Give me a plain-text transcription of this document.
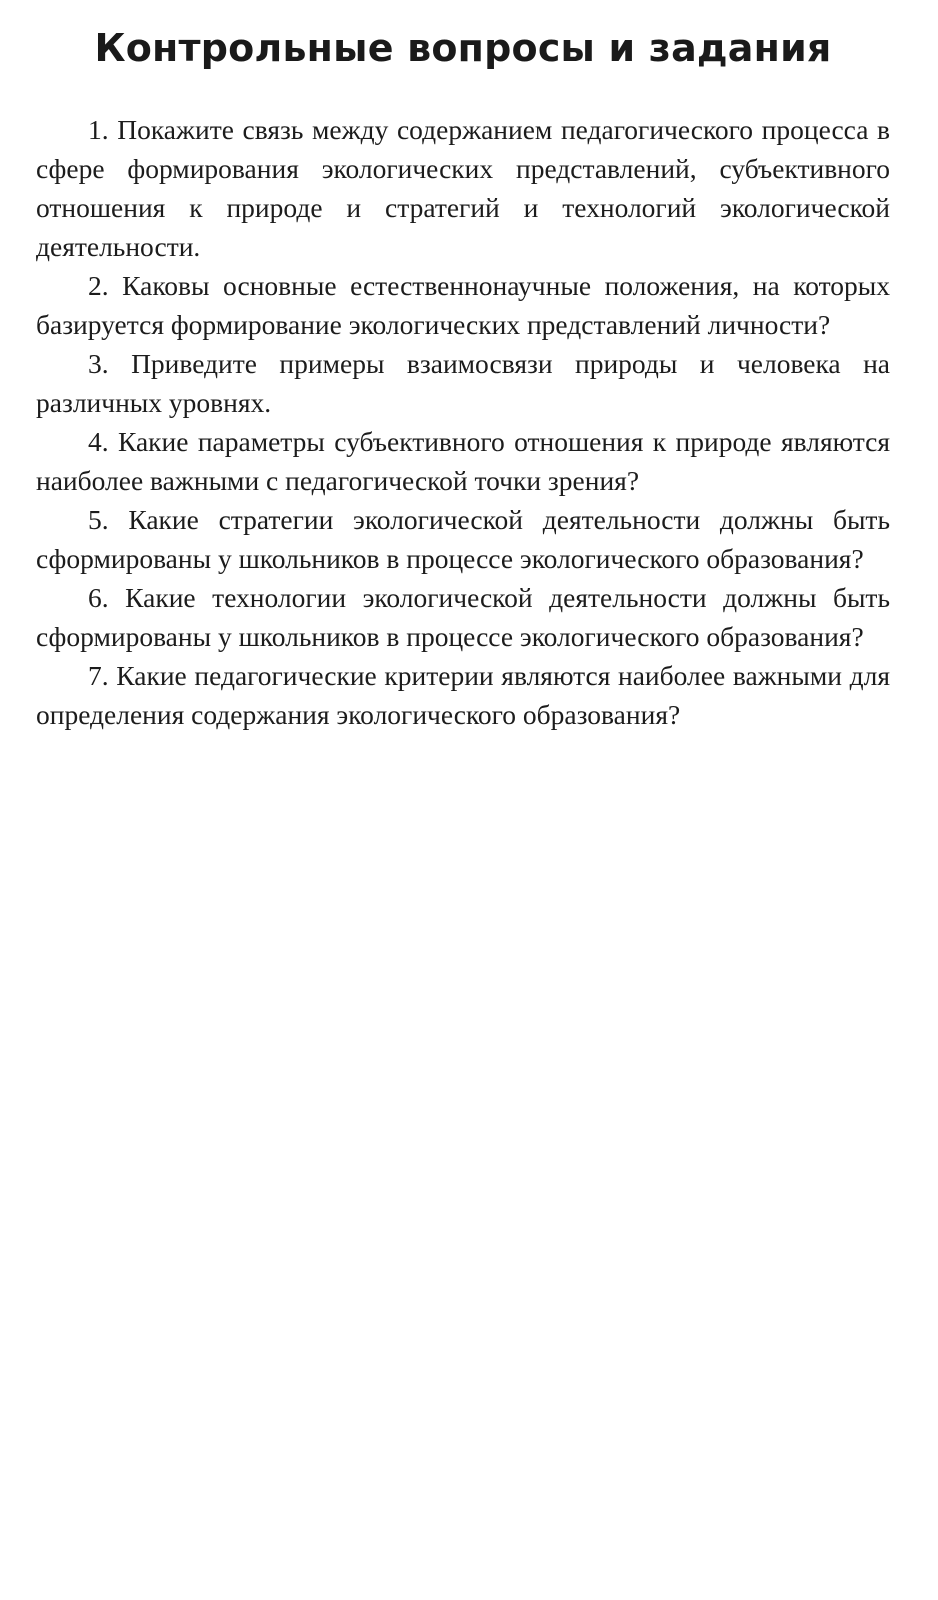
Контрольные вопросы и задания
1. Покажите связь между содержанием педагогического процесса в сфере формирования экологических представлений, субъективного отношения к природе и стратегий и технологий экологической деятельности.
2. Каковы основные естественнонаучные положения, на которых базируется формирование экологических представлений личности?
3. Приведите примеры взаимосвязи природы и человека на различных уровнях.
4. Какие параметры субъективного отношения к природе являются наиболее важными с педагогической точки зрения?
5. Какие стратегии экологической деятельности должны быть сформированы у школьников в процессе экологического образования?
6. Какие технологии экологической деятельности должны быть сформированы у школьников в процессе экологического образования?
7. Какие педагогические критерии являются наиболее важными для определения содержания экологического образования?
